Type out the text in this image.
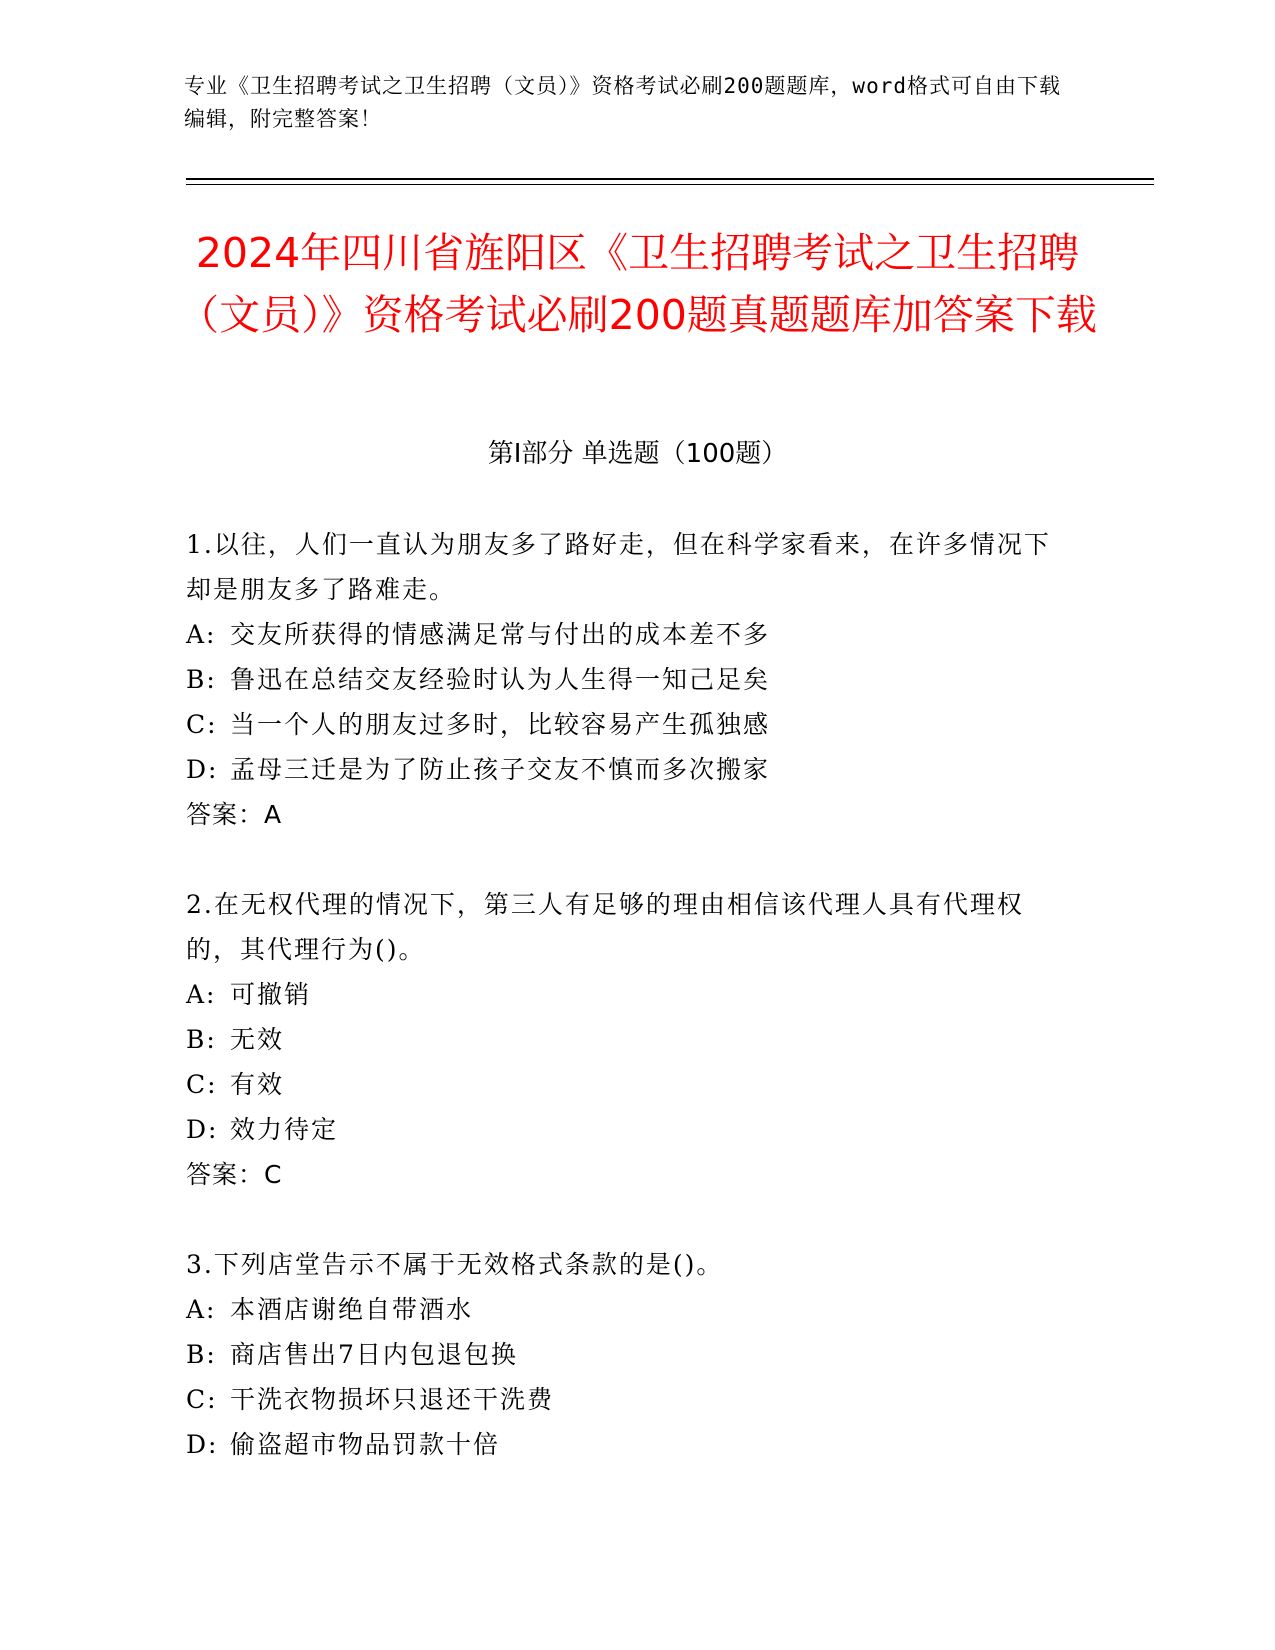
专业《卫生招聘考试之卫生招聘（文员）》资格考试必刷200题题库，word格式可自由下载编辑，附完整答案！
2024年四川省旌阳区《卫生招聘考试之卫生招聘（文员）》资格考试必刷200题真题题库加答案下载
第I部分 单选题（100题）

1.以往，人们一直认为朋友多了路好走，但在科学家看来，在许多情况下却是朋友多了路难走。

A: 交友所获得的情感满足常与付出的成本差不多
B: 鲁迅在总结交友经验时认为人生得一知己足矣
C: 当一个人的朋友过多时，比较容易产生孤独感
D: 孟母三迁是为了防止孩子交友不慎而多次搬家

答案：A

2.在无权代理的情况下，第三人有足够的理由相信该代理人具有代理权的，其代理行为()。

A: 可撤销
B: 无效
C: 有效
D: 效力待定

答案：C

3.下列店堂告示不属于无效格式条款的是()。

A: 本酒店谢绝自带酒水
B: 商店售出7日内包退包换
C: 干洗衣物损坏只退还干洗费
D: 偷盗超市物品罚款十倍
